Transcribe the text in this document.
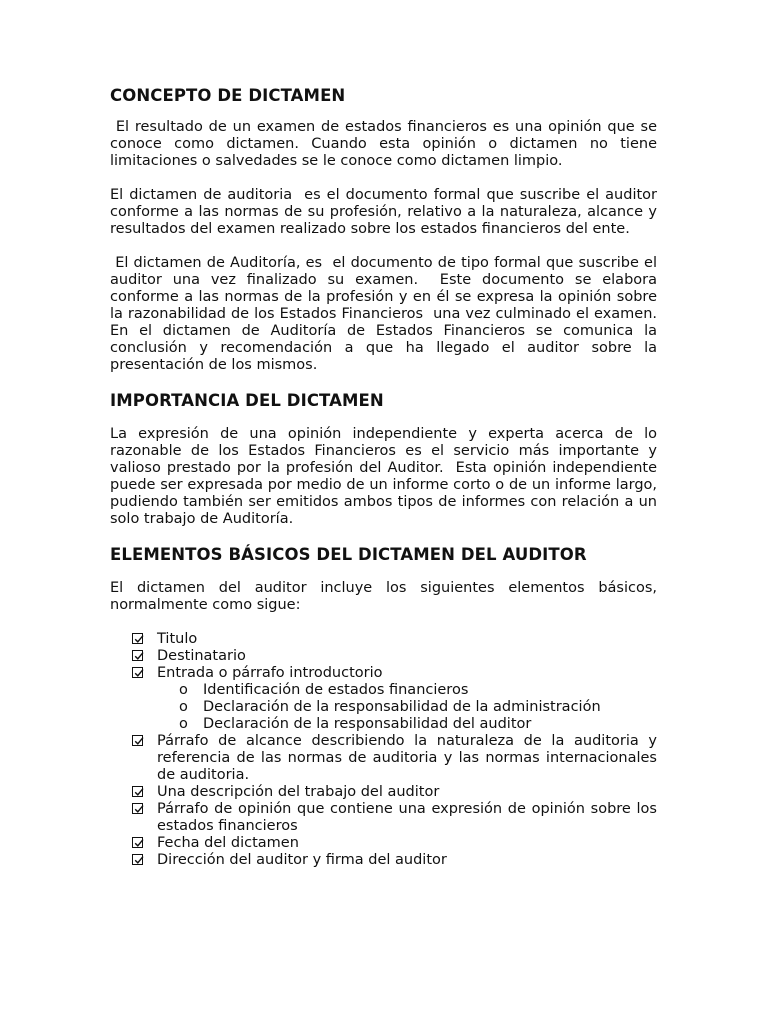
CONCEPTO DE DICTAMEN

El resultado de un examen de estados financieros es una opinión que se conoce como dictamen. Cuando esta opinión o dictamen no tiene limitaciones o salvedades se le conoce como dictamen limpio.

El dictamen de auditoria  es el documento formal que suscribe el auditor conforme a las normas de su profesión, relativo a la naturaleza, alcance y resultados del examen realizado sobre los estados financieros del ente.

El dictamen de Auditoría, es  el documento de tipo formal que suscribe el auditor una vez finalizado su examen.  Este documento se elabora conforme a las normas de la profesión y en él se expresa la opinión sobre la razonabilidad de los Estados Financieros  una vez culminado el examen.  En el dictamen de Auditoría de Estados Financieros se comunica la conclusión y recomendación a que ha llegado el auditor sobre la presentación de los mismos.

IMPORTANCIA DEL DICTAMEN

La expresión de una opinión independiente y experta acerca de lo razonable de los Estados Financieros es el servicio más importante y valioso prestado por la profesión del Auditor.  Esta opinión independiente puede ser expresada por medio de un informe corto o de un informe largo, pudiendo también ser emitidos ambos tipos de informes con relación a un solo trabajo de Auditoría.

ELEMENTOS BÁSICOS DEL DICTAMEN DEL AUDITOR

El dictamen del auditor incluye los siguientes elementos básicos, normalmente como sigue:

Titulo
Destinatario
Entrada o párrafo introductorio
o Identificación de estados financieros
o Declaración de la responsabilidad de la administración
o Declaración de la responsabilidad del auditor
Párrafo de alcance describiendo la naturaleza de la auditoria y referencia de las normas de auditoria y las normas internacionales de auditoria.
Una descripción del trabajo del auditor
Párrafo de opinión que contiene una expresión de opinión sobre los estados financieros
Fecha del dictamen
Dirección del auditor y firma del auditor
